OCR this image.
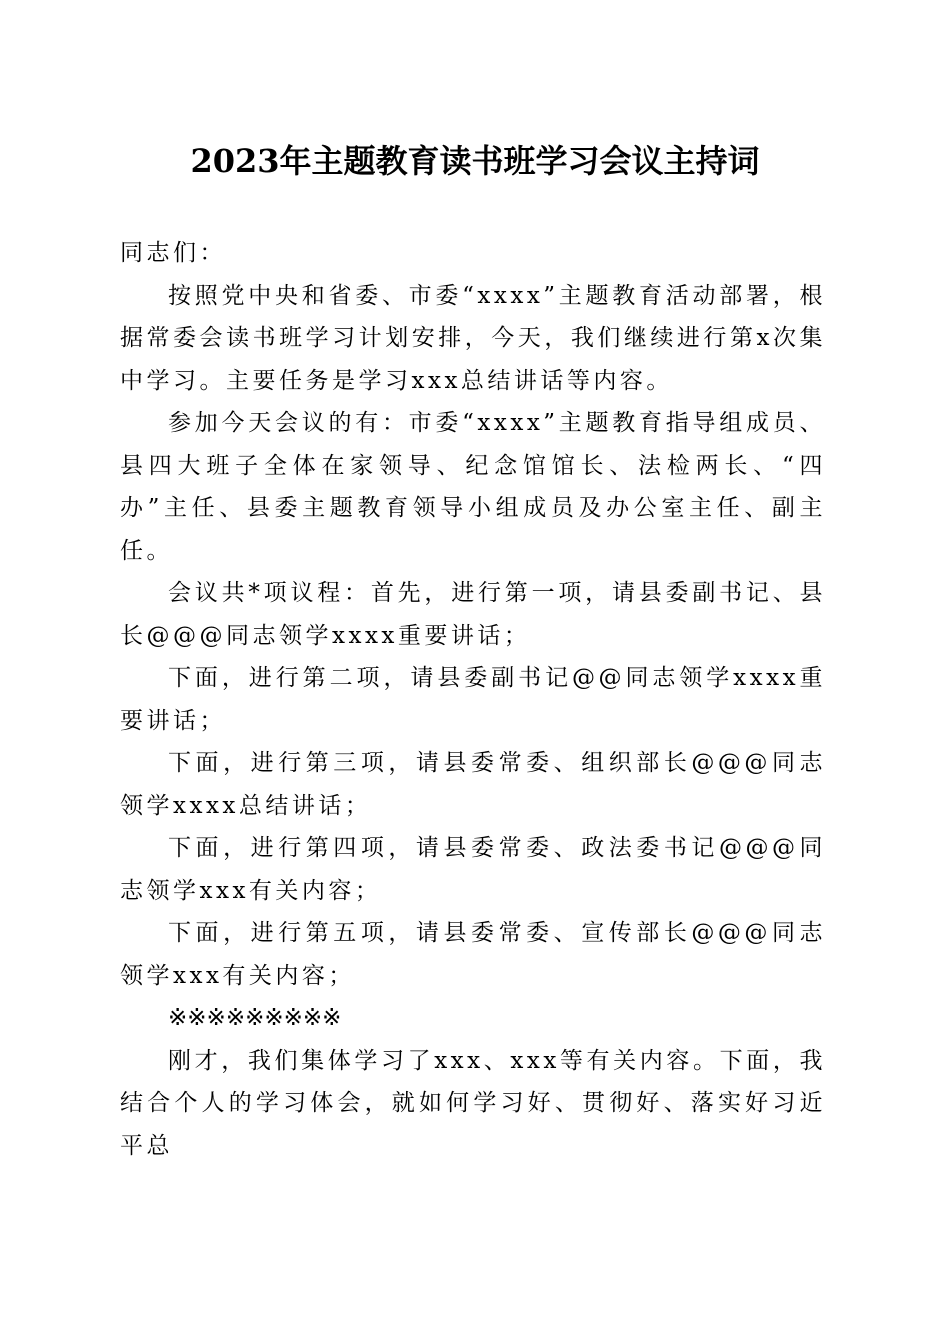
2023年主题教育读书班学习会议主持词

同志们：

按照党中央和省委、市委“xxxx”主题教育活动部署，根据常委会读书班学习计划安排，今天，我们继续进行第x次集中学习。主要任务是学习xxx总结讲话等内容。

参加今天会议的有：市委“xxxx”主题教育指导组成员、县四大班子全体在家领导、纪念馆馆长、法检两长、“四办”主任、县委主题教育领导小组成员及办公室主任、副主任。

会议共*项议程：首先，进行第一项，请县委副书记、县长@@@同志领学xxxx重要讲话；

下面，进行第二项，请县委副书记@@同志领学xxxx重要讲话；

下面，进行第三项，请县委常委、组织部长@@@同志领学xxxx总结讲话；

下面，进行第四项，请县委常委、政法委书记@@@同志领学xxx有关内容；

下面，进行第五项，请县委常委、宣传部长@@@同志领学xxx有关内容；

※※※※※※※※※

刚才，我们集体学习了xxx、xxx等有关内容。下面，我结合个人的学习体会，就如何学习好、贯彻好、落实好习近平总
